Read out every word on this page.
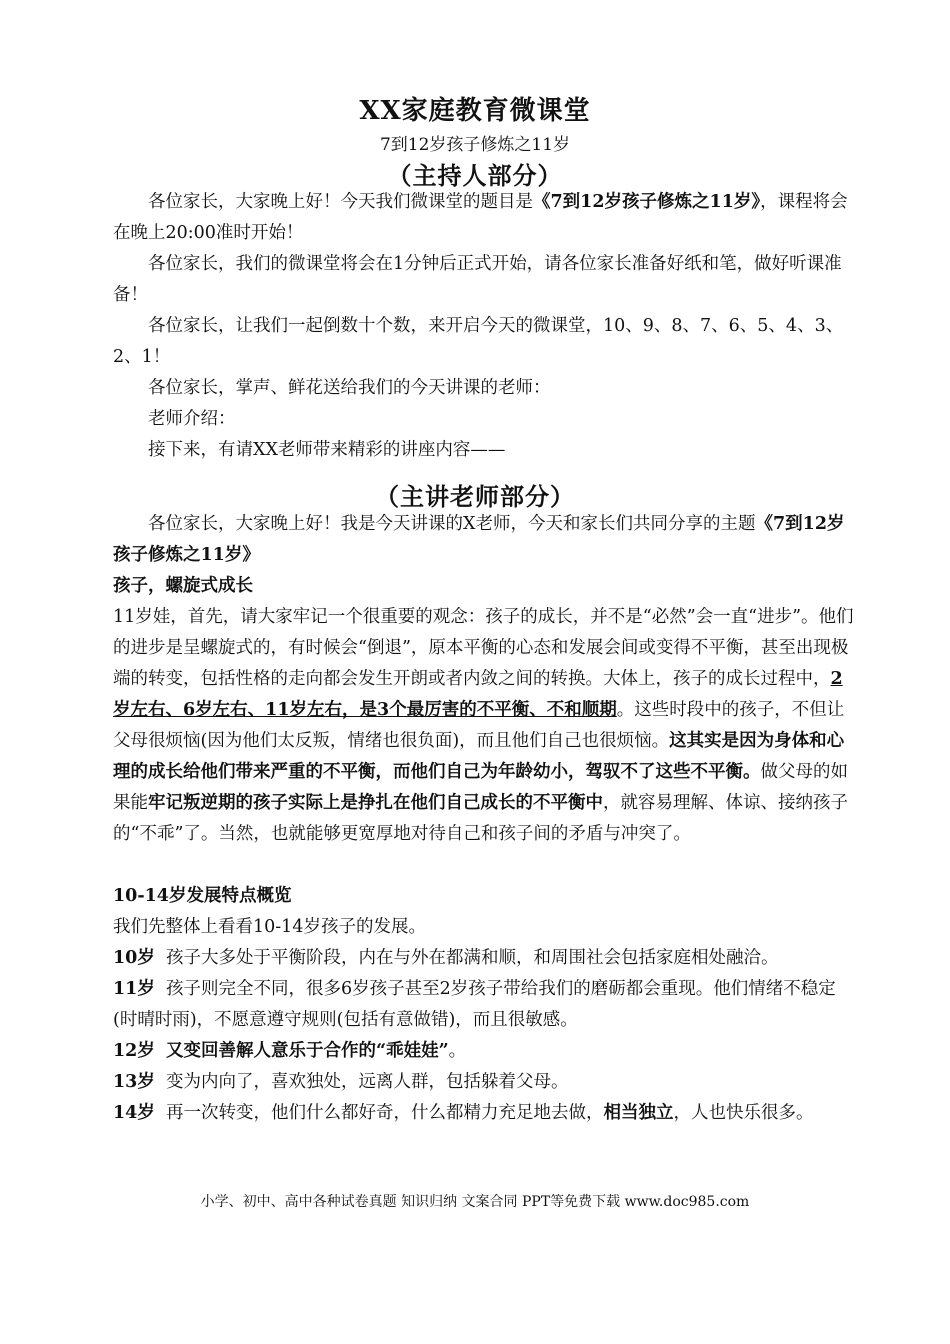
XX家庭教育微课堂
7到12岁孩子修炼之11岁
（主持人部分）

各位家长，大家晚上好！今天我们微课堂的题目是《7到12岁孩子修炼之11岁》，课程将会在晚上20:00准时开始！

各位家长，我们的微课堂将会在1分钟后正式开始，请各位家长准备好纸和笔，做好听课准备！

各位家长，让我们一起倒数十个数，来开启今天的微课堂，10、9、8、7、6、5、4、3、2、1！

各位家长，掌声、鲜花送给我们的今天讲课的老师：

老师介绍：

接下来，有请XX老师带来精彩的讲座内容——

（主讲老师部分）

各位家长，大家晚上好！我是今天讲课的X老师，今天和家长们共同分享的主题《7到12岁孩子修炼之11岁》

孩子，螺旋式成长

11岁娃，首先，请大家牢记一个很重要的观念：孩子的成长，并不是“必然”会一直“进步”。他们的进步是呈螺旋式的，有时候会“倒退”，原本平衡的心态和发展会间或变得不平衡，甚至出现极端的转变，包括性格的走向都会发生开朗或者内敛之间的转换。大体上，孩子的成长过程中，2岁左右、6岁左右、11岁左右，是3个最厉害的不平衡、不和顺期。这些时段中的孩子，不但让父母很烦恼(因为他们太反叛，情绪也很负面)，而且他们自己也很烦恼。这其实是因为身体和心理的成长给他们带来严重的不平衡，而他们自己为年龄幼小，驾驭不了这些不平衡。做父母的如果能牢记叛逆期的孩子实际上是挣扎在他们自己成长的不平衡中，就容易理解、体谅、接纳孩子的“不乖”了。当然，也就能够更宽厚地对待自己和孩子间的矛盾与冲突了。

10-14岁发展特点概览

我们先整体上看看10-14岁孩子的发展。

10岁 孩子大多处于平衡阶段，内在与外在都满和顺，和周围社会包括家庭相处融洽。

11岁 孩子则完全不同，很多6岁孩子甚至2岁孩子带给我们的磨砺都会重现。他们情绪不稳定(时晴时雨)，不愿意遵守规则(包括有意做错)，而且很敏感。

12岁 又变回善解人意乐于合作的“乖娃娃”。

13岁 变为内向了，喜欢独处，远离人群，包括躲着父母。

14岁 再一次转变，他们什么都好奇，什么都精力充足地去做，相当独立，人也快乐很多。

小学、初中、高中各种试卷真题 知识归纳 文案合同 PPT等免费下载 www.doc985.com
